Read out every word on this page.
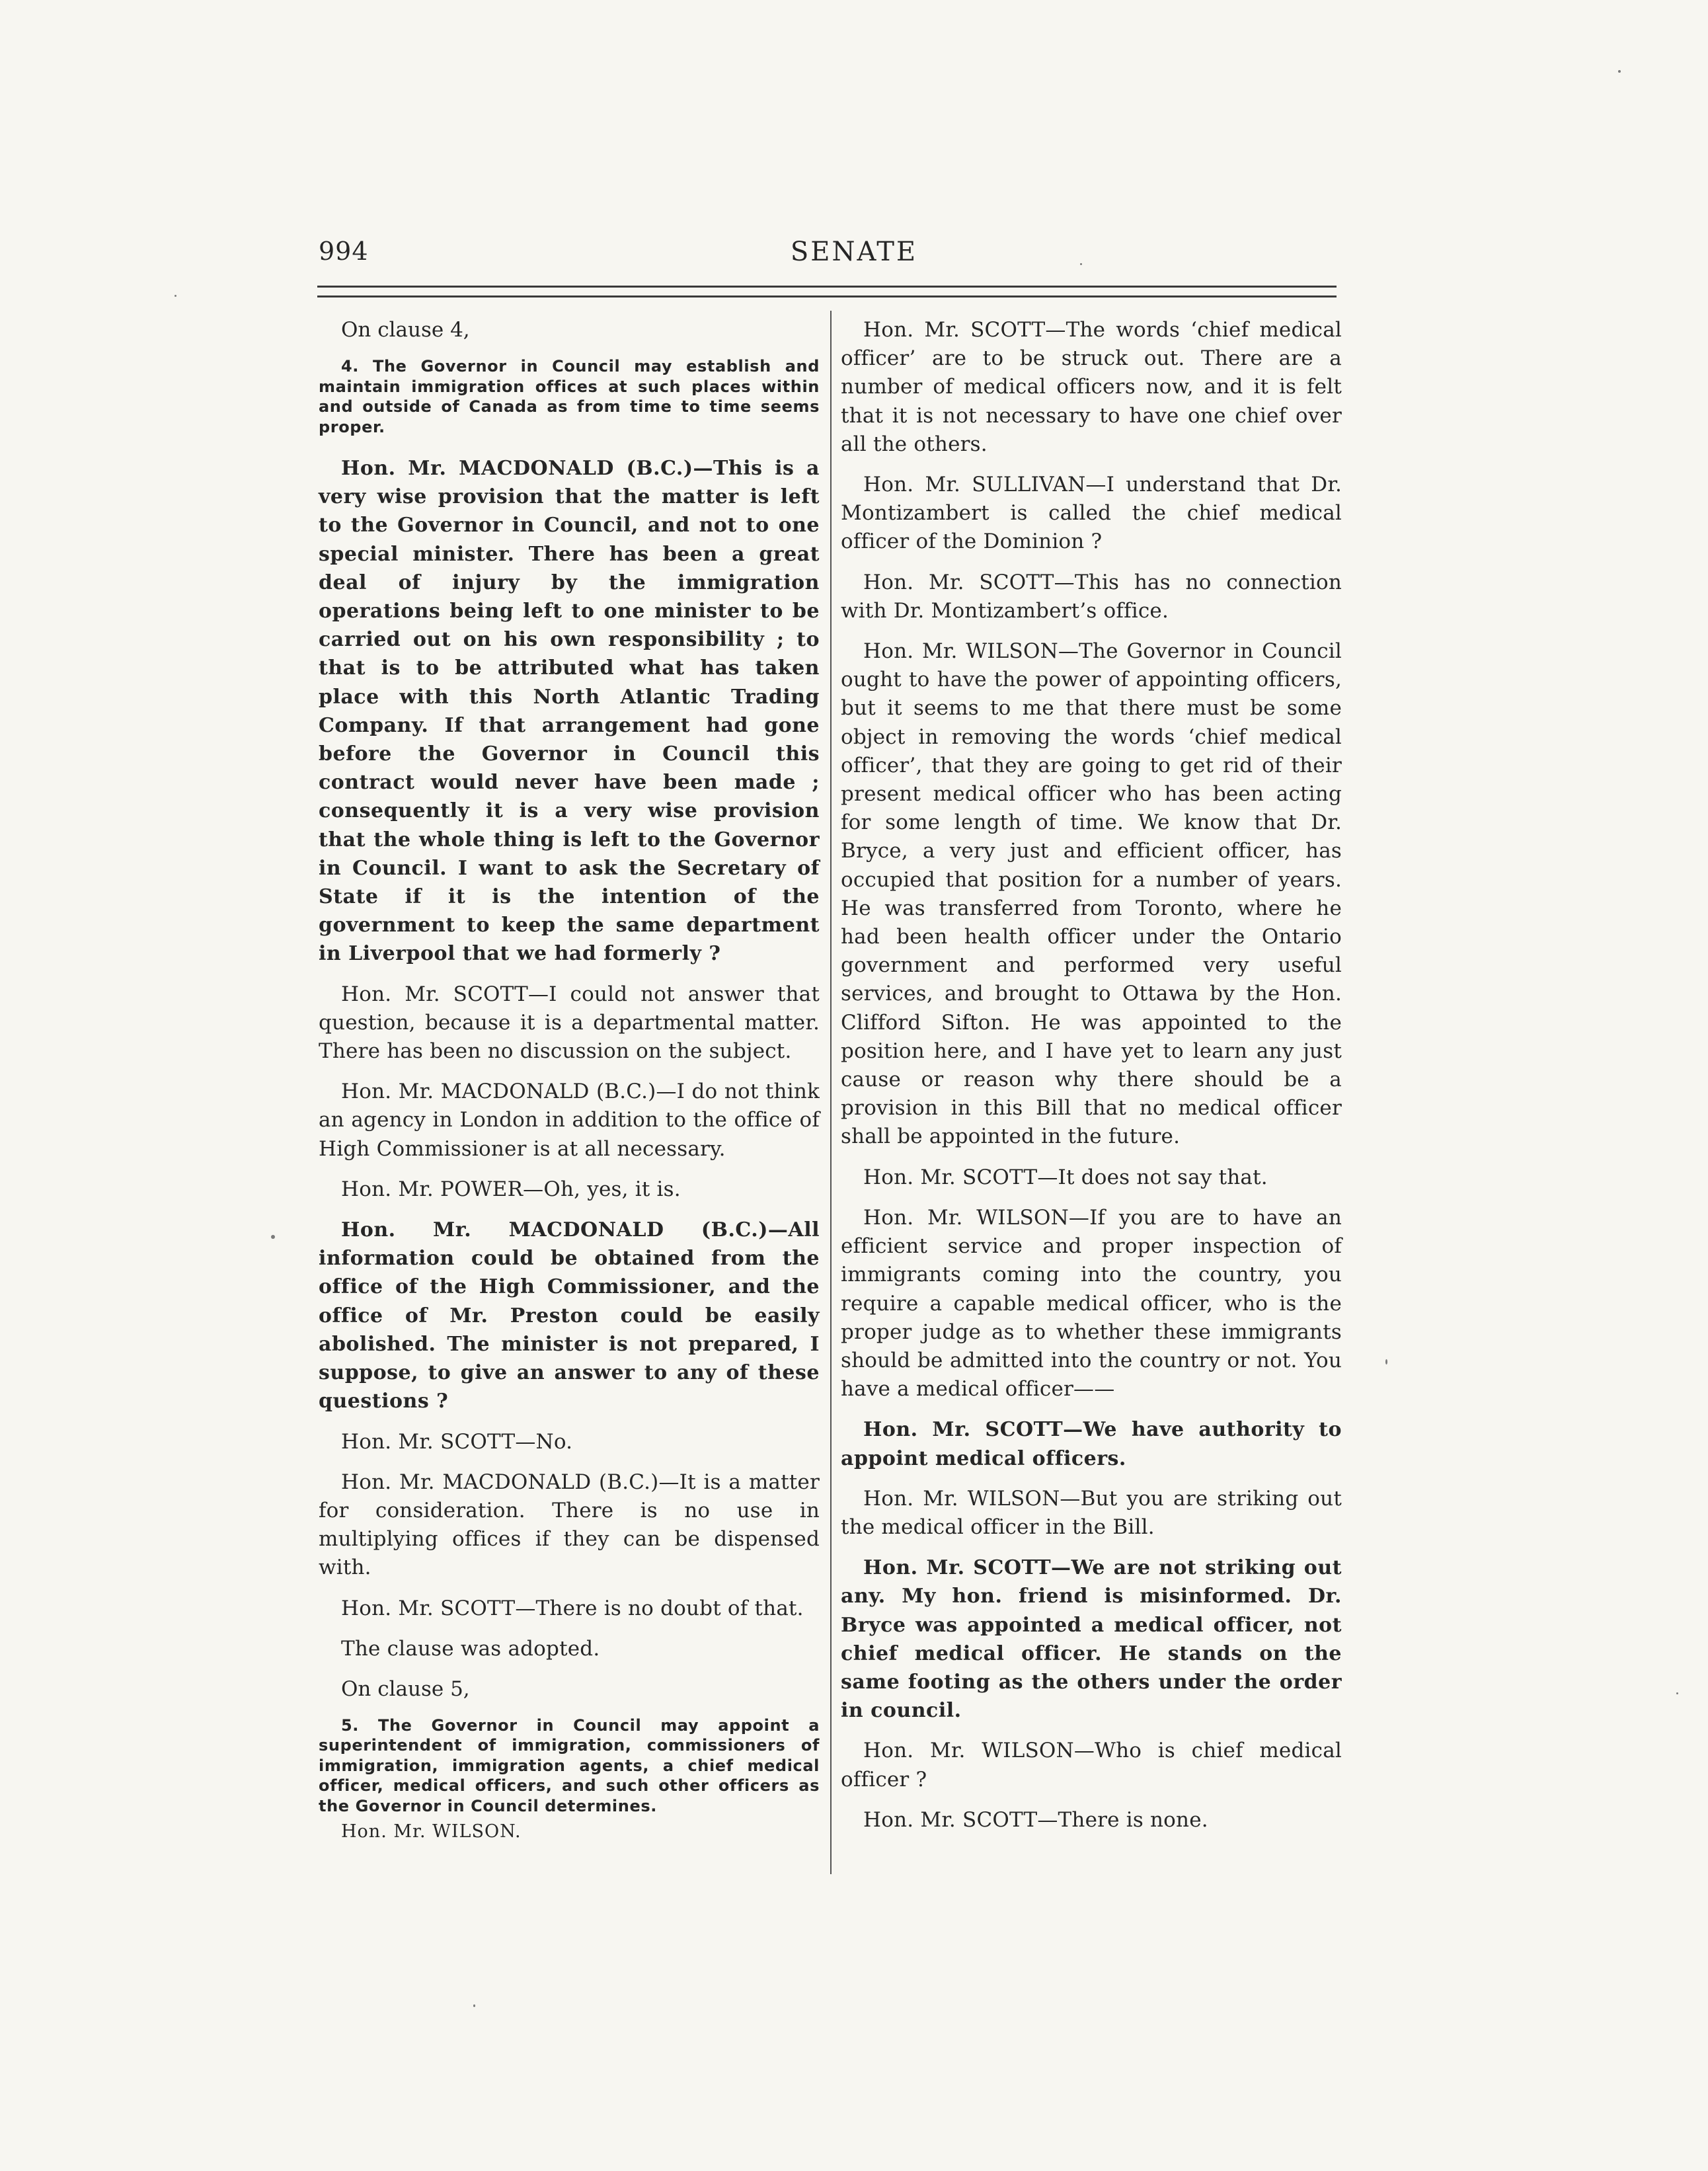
994	SENATE

On clause 4,

4. The Governor in Council may establish and maintain immigration offices at such places within and outside of Canada as from time to time seems proper.

Hon. Mr. MACDONALD (B.C.)—This is a very wise provision that the matter is left to the Governor in Council, and not to one special minister. There has been a great deal of injury by the immigration operations being left to one minister to be carried out on his own responsibility ; to that is to be attributed what has taken place with this North Atlantic Trading Company. If that arrangement had gone before the Governor in Council this contract would never have been made ; consequently it is a very wise provision that the whole thing is left to the Governor in Council. I want to ask the Secretary of State if it is the intention of the government to keep the same department in Liverpool that we had formerly ?

Hon. Mr. SCOTT—I could not answer that question, because it is a departmental matter. There has been no discussion on the subject.

Hon. Mr. MACDONALD (B.C.)—I do not think an agency in London in addition to the office of High Commissioner is at all necessary.

Hon. Mr. POWER—Oh, yes, it is.

Hon. Mr. MACDONALD (B.C.)—All information could be obtained from the office of the High Commissioner, and the office of Mr. Preston could be easily abolished. The minister is not prepared, I suppose, to give an answer to any of these questions ?

Hon. Mr. SCOTT—No.

Hon. Mr. MACDONALD (B.C.)—It is a matter for consideration. There is no use in multiplying offices if they can be dispensed with.

Hon. Mr. SCOTT—There is no doubt of that.

The clause was adopted.

On clause 5,

5. The Governor in Council may appoint a superintendent of immigration, commissioners of immigration, immigration agents, a chief medical officer, medical officers, and such other officers as the Governor in Council determines.

Hon. Mr. WILSON.

Hon. Mr. SCOTT—The words ‘chief medical officer’ are to be struck out. There are a number of medical officers now, and it is felt that it is not necessary to have one chief over all the others.

Hon. Mr. SULLIVAN—I understand that Dr. Montizambert is called the chief medical officer of the Dominion ?

Hon. Mr. SCOTT—This has no connection with Dr. Montizambert’s office.

Hon. Mr. WILSON—The Governor in Council ought to have the power of appointing officers, but it seems to me that there must be some object in removing the words ‘chief medical officer’, that they are going to get rid of their present medical officer who has been acting for some length of time. We know that Dr. Bryce, a very just and efficient officer, has occupied that position for a number of years. He was transferred from Toronto, where he had been health officer under the Ontario government and performed very useful services, and brought to Ottawa by the Hon. Clifford Sifton. He was appointed to the position here, and I have yet to learn any just cause or reason why there should be a provision in this Bill that no medical officer shall be appointed in the future.

Hon. Mr. SCOTT—It does not say that.

Hon. Mr. WILSON—If you are to have an efficient service and proper inspection of immigrants coming into the country, you require a capable medical officer, who is the proper judge as to whether these immigrants should be admitted into the country or not. You have a medical officer——

Hon. Mr. SCOTT—We have authority to appoint medical officers.

Hon. Mr. WILSON—But you are striking out the medical officer in the Bill.

Hon. Mr. SCOTT—We are not striking out any. My hon. friend is misinformed. Dr. Bryce was appointed a medical officer, not chief medical officer. He stands on the same footing as the others under the order in council.

Hon. Mr. WILSON—Who is chief medical officer ?

Hon. Mr. SCOTT—There is none.
